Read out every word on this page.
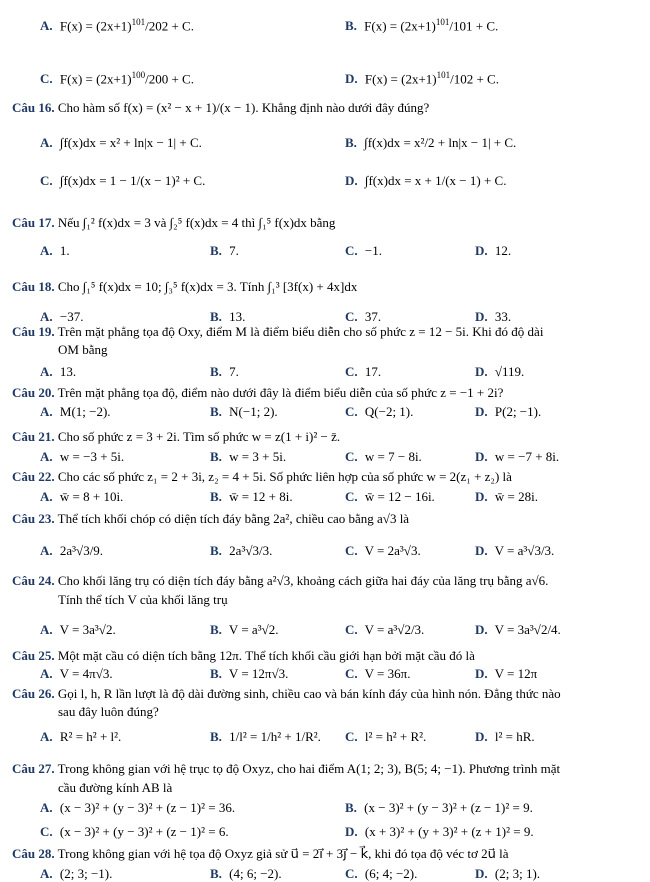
A. $F(x) = (2x+1)^{101}/202 + C$.	B. $F(x) = (2x+1)^{101}/101 + C$.
C. $F(x) = (2x+1)^{100}/200 + C$.	D. $F(x) = (2x+1)^{101}/102 + C$.
Câu 16. Cho hàm số f(x) = (x² − x + 1)/(x − 1). Khẳng định nào dưới đây đúng?
A. ∫f(x)dx = x² + ln|x − 1| + C.	B. ∫f(x)dx = x²/2 + ln|x − 1| + C.
C. ∫f(x)dx = 1 − 1/(x − 1)² + C.	D. ∫f(x)dx = x + 1/(x − 1) + C.
Câu 17. Nếu ∫₁² f(x)dx = 3 và ∫₂⁵ f(x)dx = 4 thì ∫₁⁵ f(x)dx bằng
A. 1.	B. 7.	C. −1.	D. 12.
Câu 18. Cho ∫₁⁵ f(x)dx = 10; ∫₃⁵ f(x)dx = 3. Tính ∫₁³ [3f(x) + 4x]dx
A. −37.	B. 13.	C. 37.	D. 33.
Câu 19. Trên mặt phẳng tọa độ Oxy, điểm M là điểm biểu diễn cho số phức z = 12 − 5i. Khi đó độ dài
OM bằng
A. 13.	B. 7.	C. 17.	D. √119.
Câu 20. Trên mặt phẳng tọa độ, điểm nào dưới đây là điểm biểu diễn của số phức z = −1 + 2i?
A. M(1; −2).	B. N(−1; 2).	C. Q(−2; 1).	D. P(2; −1).
Câu 21. Cho số phức z = 3 + 2i. Tìm số phức w = z(1 + i)² − z̄.
A. w = −3 + 5i.	B. w = 3 + 5i.	C. w = 7 − 8i.	D. w = −7 + 8i.
Câu 22. Cho các số phức z₁ = 2 + 3i, z₂ = 4 + 5i. Số phức liên hợp của số phức w = 2(z₁ + z₂) là
A. w̄ = 8 + 10i.	B. w̄ = 12 + 8i.	C. w̄ = 12 − 16i.	D. w̄ = 28i.
Câu 23. Thể tích khối chóp có diện tích đáy bằng 2a², chiều cao bằng a√3 là
A. 2a³√3/9.	B. 2a³√3/3.	C. V = 2a³√3.	D. V = a³√3/3.
Câu 24. Cho khối lăng trụ có diện tích đáy bằng a²√3, khoảng cách giữa hai đáy của lăng trụ bằng a√6.
Tính thể tích V của khối lăng trụ
A. V = 3a³√2.	B. V = a³√2.	C. V = a³√2/3.	D. V = 3a³√2/4.
Câu 25. Một mặt cầu có diện tích bằng 12π. Thể tích khối cầu giới hạn bởi mặt cầu đó là
A. V = 4π√3.	B. V = 12π√3.	C. V = 36π.	D. V = 12π
Câu 26. Gọi l, h, R lần lượt là độ dài đường sinh, chiều cao và bán kính đáy của hình nón. Đẳng thức nào
sau đây luôn đúng?
A. R² = h² + l².	B. 1/l² = 1/h² + 1/R². C. l² = h² + R².	D. l² = hR.
Câu 27. Trong không gian với hệ trục tọ độ Oxyz, cho hai điểm A(1; 2; 3), B(5; 4; −1). Phương trình mặt
cầu đường kính AB là
A. (x − 3)² + (y − 3)² + (z − 1)² = 36.	B. (x − 3)² + (y − 3)² + (z − 1)² = 9.
C. (x − 3)² + (y − 3)² + (z − 1)² = 6.	D. (x + 3)² + (y + 3)² + (z + 1)² = 9.
Câu 28. Trong không gian với hệ tọa độ Oxyz giả sử u⃗ = 2i⃗ + 3j⃗ − k⃗, khi đó tọa độ véc tơ 2u⃗ là
A. (2; 3; −1).	B. (4; 6; −2).	C. (6; 4; −2).	D. (2; 3; 1).
